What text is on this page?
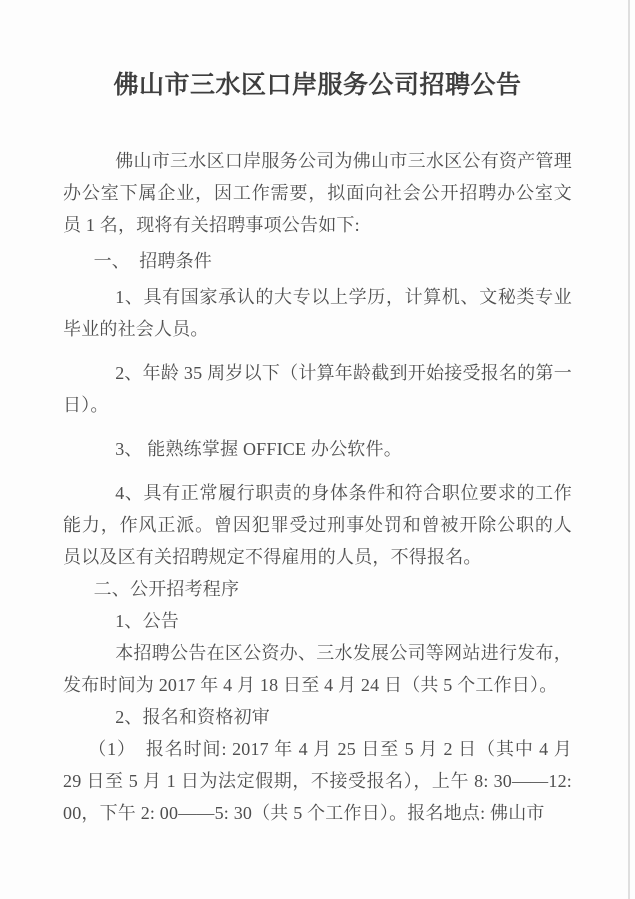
佛山市三水区口岸服务公司招聘公告

佛山市三水区口岸服务公司为佛山市三水区公有资产管理办公室下属企业，因工作需要，拟面向社会公开招聘办公室文员 1 名，现将有关招聘事项公告如下:

一、　招聘条件

1、具有国家承认的大专以上学历，计算机、文秘类专业毕业的社会人员。

2、年龄 35 周岁以下（计算年龄截到开始接受报名的第一日）。

3、 能熟练掌握 OFFICE 办公软件。

4、具有正常履行职责的身体条件和符合职位要求的工作能力，作风正派。曾因犯罪受过刑事处罚和曾被开除公职的人员以及区有关招聘规定不得雇用的人员，不得报名。

二、公开招考程序

1、公告

本招聘公告在区公资办、三水发展公司等网站进行发布，发布时间为 2017 年 4 月 18 日至 4 月 24 日（共 5 个工作日）。

2、报名和资格初审

（1）　报名时间: 2017 年 4 月 25 日至 5 月 2 日（其中 4 月 29 日至 5 月 1 日为法定假期，不接受报名），上午 8: 30——12: 00，下午 2: 00——5: 30（共 5 个工作日）。报名地点: 佛山市
